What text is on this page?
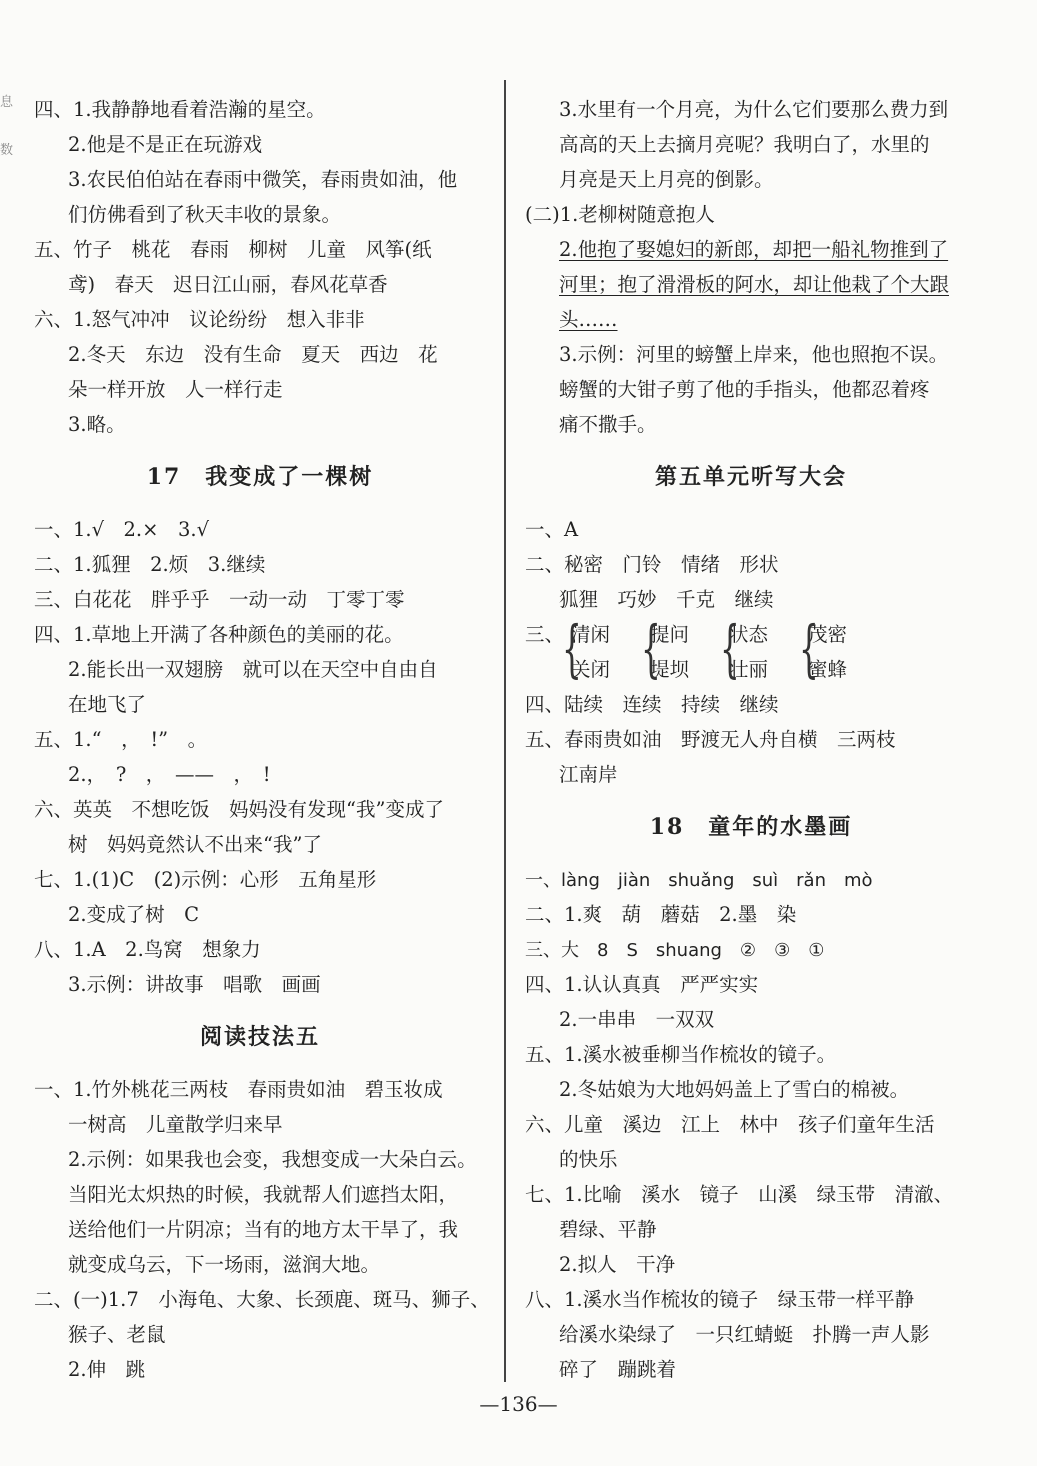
息
数
四、1.我静静地看着浩瀚的星空。
2.他是不是正在玩游戏
3.农民伯伯站在春雨中微笑，春雨贵如油，他
们仿佛看到了秋天丰收的景象。
五、竹子　桃花　春雨　柳树　儿童　风筝(纸
鸢)　春天　迟日江山丽，春风花草香
六、1.怒气冲冲　议论纷纷　想入非非
2.冬天　东边　没有生命　夏天　西边　花
朵一样开放　人一样行走
3.略。
17　我变成了一棵树
一、1.√　2.×　3.√
二、1.狐狸　2.烦　3.继续
三、白花花　胖乎乎　一动一动　丁零丁零
四、1.草地上开满了各种颜色的美丽的花。
2.能长出一双翅膀　就可以在天空中自由自
在地飞了
五、1.“　，　!”　。
2.，　?　，　——　，　!
六、英英　不想吃饭　妈妈没有发现“我”变成了
树　妈妈竟然认不出来“我”了
七、1.(1)C　(2)示例：心形　五角星形
2.变成了树　C
八、1.A　2.鸟窝　想象力
3.示例：讲故事　唱歌　画画
阅读技法五
一、1.竹外桃花三两枝　春雨贵如油　碧玉妆成
一树高　儿童散学归来早
2.示例：如果我也会变，我想变成一大朵白云。
当阳光太炽热的时候，我就帮人们遮挡太阳，
送给他们一片阴凉；当有的地方太干旱了，我
就变成乌云，下一场雨，滋润大地。
二、(一)1.7　小海龟、大象、长颈鹿、斑马、狮子、
猴子、老鼠
2.伸　跳
3.水里有一个月亮，为什么它们要那么费力到
高高的天上去摘月亮呢？我明白了，水里的
月亮是天上月亮的倒影。
(二)1.老柳树随意抱人
2.他抱了娶媳妇的新郎，却把一船礼物推到了
河里；抱了滑滑板的阿水，却让他栽了个大跟
头……
3.示例：河里的螃蟹上岸来，他也照抱不误。
螃蟹的大钳子剪了他的手指头，他都忍着疼
痛不撒手。
第五单元听写大会
一、A
二、秘密　门铃　情绪　形状
狐狸　巧妙　千克　继续
三、
{
清闲
关闭 {
提问
堤坝 {
状态
壮丽 {
茂密
蜜蜂
四、陆续　连续　持续　继续
五、春雨贵如油　野渡无人舟自横　三两枝
江南岸
18　童年的水墨画
一、làng　jiàn　shuǎng　suì　rǎn　mò
二、1.爽　葫　蘑菇　2.墨　染
三、大　8　S　shuang　②　③　①
四、1.认认真真　严严实实
2.一串串　一双双
五、1.溪水被垂柳当作梳妆的镜子。
2.冬姑娘为大地妈妈盖上了雪白的棉被。
六、儿童　溪边　江上　林中　孩子们童年生活
的快乐
七、1.比喻　溪水　镜子　山溪　绿玉带　清澈、
碧绿、平静
2.拟人　干净
八、1.溪水当作梳妆的镜子　绿玉带一样平静
给溪水染绿了　一只红蜻蜓　扑腾一声人影
碎了　蹦跳着
—136—
